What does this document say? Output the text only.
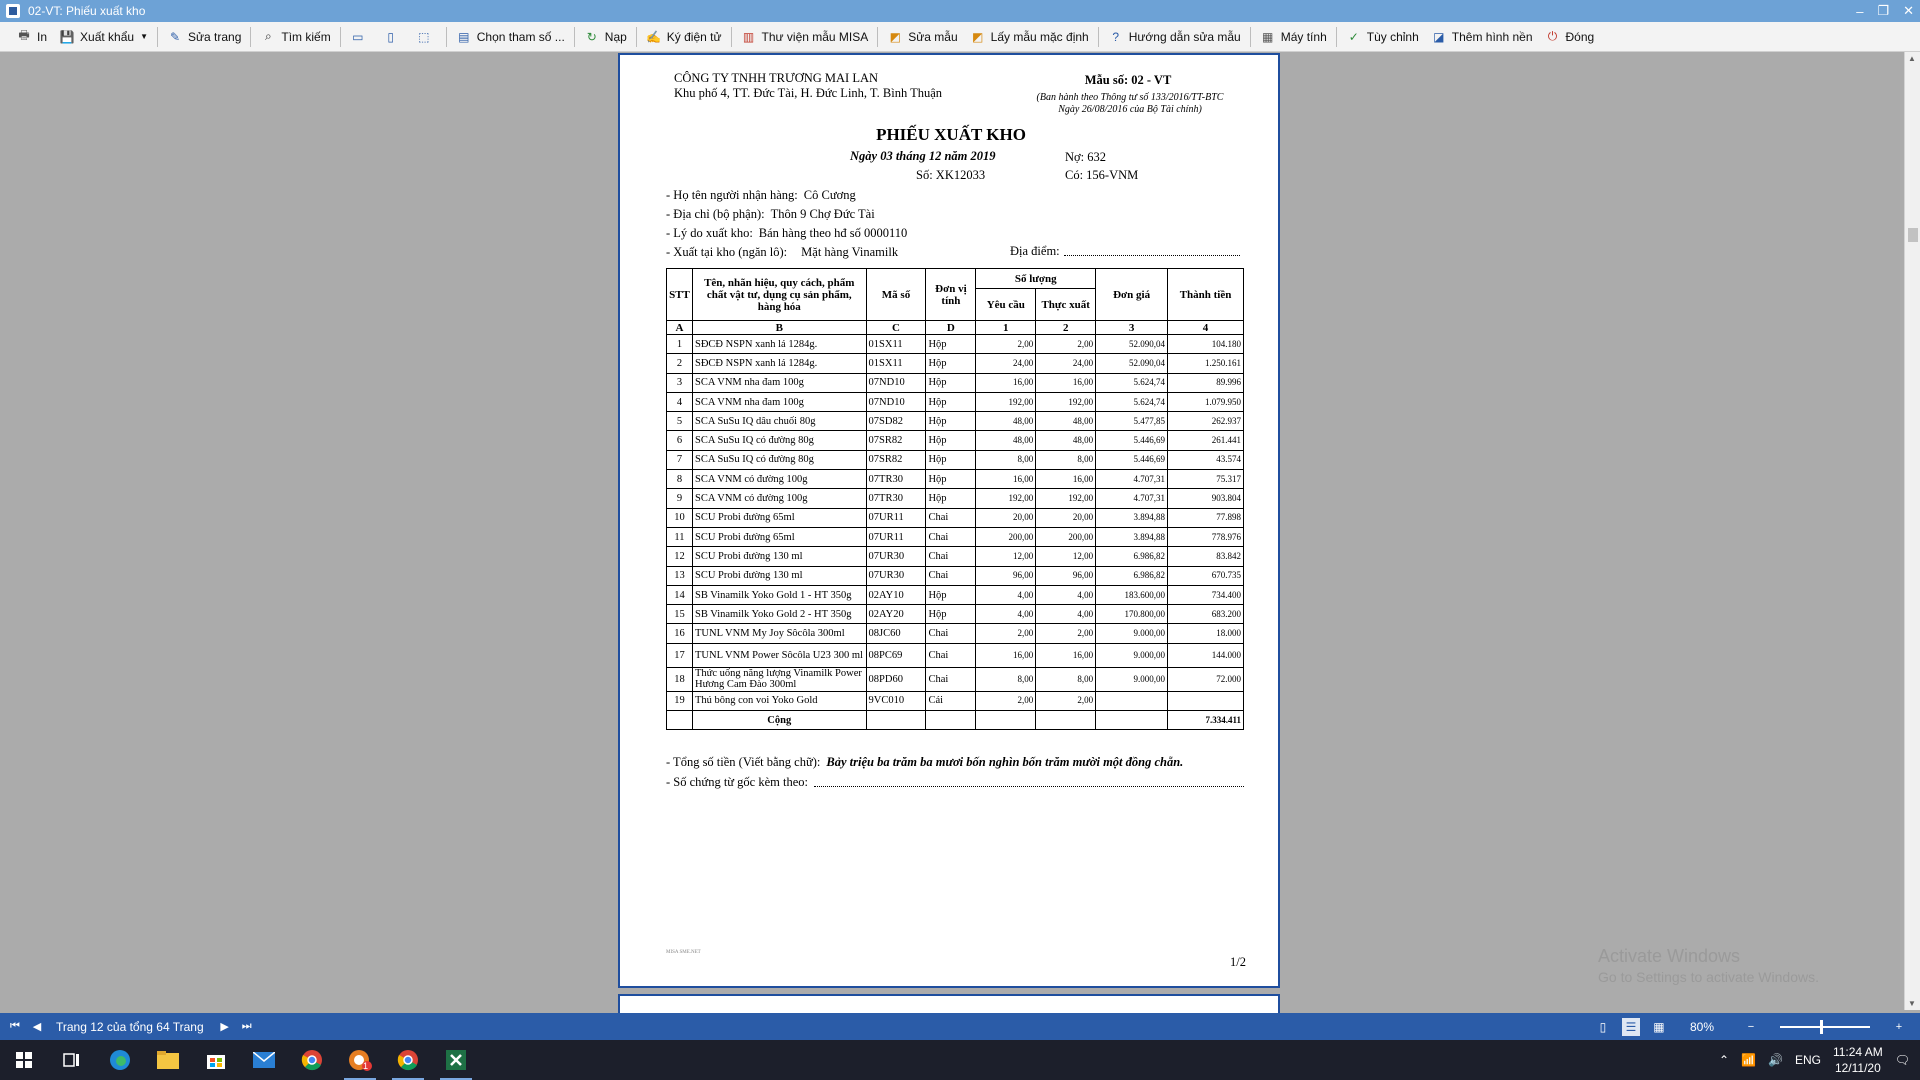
02-VT: Phiếu xuất kho	– ❐ ✕
🖶 In 💾 Xuất khẩu ▼ ✎ Sửa trang	⌕ Tìm kiếm ▭	▯	⬚ ▤ Chọn tham số ... ↻ Nạp ✍ Ký điện tử ▥ Thư viện mẫu MISA ◩ Sửa mẫu ◩ Lấy mẫu mặc định	? Hướng dẫn sửa mẫu ▦ Máy tính ✓ Tùy chỉnh ◪ Thêm hình nền ⏻ Đóng
▲
▼
CÔNG TY TNHH TRƯƠNG MAI LAN
Khu phố 4, TT. Đức Tài, H. Đức Linh, T. Bình Thuận
Mẫu số: 02 - VT
(Ban hành theo Thông tư số 133/2016/TT-BTC
Ngày 26/08/2016 của Bộ Tài chính)
PHIẾU XUẤT KHO
Ngày 03 tháng 12 năm 2019
Số: XK12033
Nợ: 632
Có: 156-VNM
- Họ tên người nhận hàng: Cô Cương
- Địa chỉ (bộ phận): Thôn 9 Chợ Đức Tài
- Lý do xuất kho: Bán hàng theo hđ số 0000110
- Xuất tại kho (ngăn lô): Mặt hàng Vinamilk	Địa điểm:
STT	Tên, nhãn hiệu, quy cách, phẩm chất vật tư, dụng cụ sản phẩm, hàng hóa	Mã số	Đơn vị tính	Số lượng		Đơn giá	Thành tiền
				Yêu cầu	Thực xuất		
A	B	C	D	1	2	3	4
1	SĐCĐ NSPN xanh lá 1284g.	01SX11	Hộp	2,00	2,00	52.090,04	104.180
2	SĐCĐ NSPN xanh lá 1284g.	01SX11	Hộp	24,00	24,00	52.090,04	1.250.161
3	SCA VNM nha đam 100g	07ND10	Hộp	16,00	16,00	5.624,74	89.996
4	SCA VNM nha đam 100g	07ND10	Hộp	192,00	192,00	5.624,74	1.079.950
5	SCA SuSu IQ dâu chuối 80g	07SD82	Hộp	48,00	48,00	5.477,85	262.937
6	SCA SuSu IQ có đường 80g	07SR82	Hộp	48,00	48,00	5.446,69	261.441
7	SCA SuSu IQ có đường 80g	07SR82	Hộp	8,00	8,00	5.446,69	43.574
8	SCA VNM có đường 100g	07TR30	Hộp	16,00	16,00	4.707,31	75.317
9	SCA VNM có đường 100g	07TR30	Hộp	192,00	192,00	4.707,31	903.804
10	SCU Probi đường 65ml	07UR11	Chai	20,00	20,00	3.894,88	77.898
11	SCU Probi đường 65ml	07UR11	Chai	200,00	200,00	3.894,88	778.976
12	SCU Probi đường 130 ml	07UR30	Chai	12,00	12,00	6.986,82	83.842
13	SCU Probi đường 130 ml	07UR30	Chai	96,00	96,00	6.986,82	670.735
14	SB Vinamilk Yoko Gold 1 - HT 350g	02AY10	Hộp	4,00	4,00	183.600,00	734.400
15	SB Vinamilk Yoko Gold 2 - HT 350g	02AY20	Hộp	4,00	4,00	170.800,00	683.200
16	TUNL VNM My Joy Sôcôla 300ml	08JC60	Chai	2,00	2,00	9.000,00	18.000
17	TUNL VNM Power Sôcôla U23 300 ml	08PC69	Chai	16,00	16,00	9.000,00	144.000
18	Thức uống năng lượng Vinamilk Power Hương Cam Đào 300ml	08PD60	Chai	8,00	8,00	9.000,00	72.000
19	Thú bông con voi Yoko Gold	9VC010	Cái	2,00	2,00		
	Cộng						7.334.411
- Tổng số tiền (Viết bằng chữ): Bảy triệu ba trăm ba mươi bốn nghìn bốn trăm mười một đồng chẵn.
- Số chứng từ gốc kèm theo:
MISA SME.NET
1/2	Activate Windows
Go to Settings to activate Windows.
⏮	◀	Trang 12 của tổng 64 Trang	▶	⏭	▯	☰	▦ 80%	−	+
1	⌃ 📶 🔊 ENG
11:24 AM
12/11/20
🗨
